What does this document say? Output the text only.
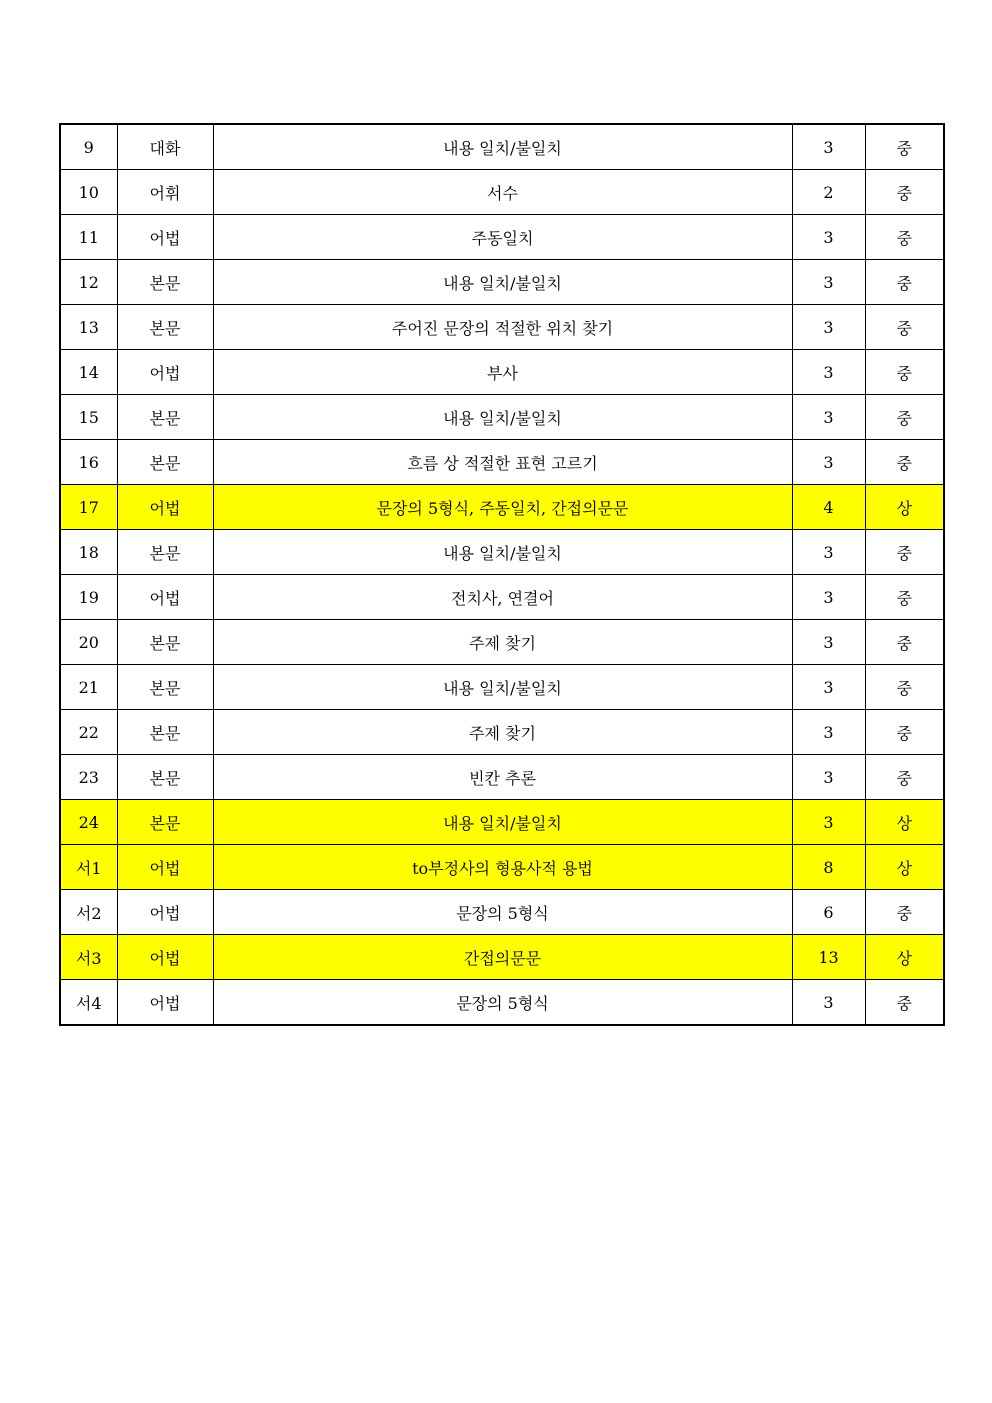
9	대화	내용 일치/불일치	3	중
10	어휘	서수	2	중
11	어법	주동일치	3	중
12	본문	내용 일치/불일치	3	중
13	본문	주어진 문장의 적절한 위치 찾기	3	중
14	어법	부사	3	중
15	본문	내용 일치/불일치	3	중
16	본문	흐름 상 적절한 표현 고르기	3	중
17	어법	문장의 5형식, 주동일치, 간접의문문	4	상
18	본문	내용 일치/불일치	3	중
19	어법	전치사, 연결어	3	중
20	본문	주제 찾기	3	중
21	본문	내용 일치/불일치	3	중
22	본문	주제 찾기	3	중
23	본문	빈칸 추론	3	중
24	본문	내용 일치/불일치	3	상
서1	어법	to부정사의 형용사적 용법	8	상
서2	어법	문장의 5형식	6	중
서3	어법	간접의문문	13	상
서4	어법	문장의 5형식	3	중
